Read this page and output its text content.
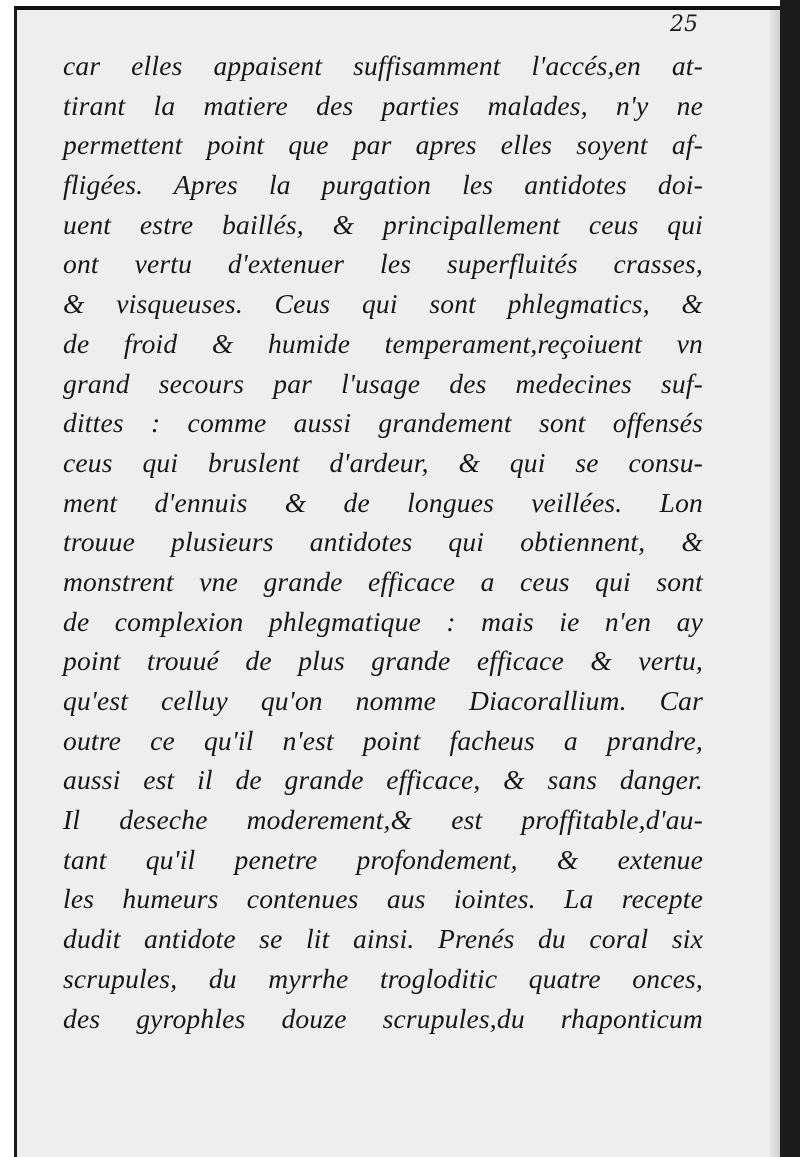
25
car elles appaisent suffisamment l'accés,en at-
tirant la matiere des parties malades, n'y ne
permettent point que par apres elles soyent af-
fligées. Apres la purgation les antidotes doi-
uent estre baillés, & principallement ceus qui
ont vertu d'extenuer les superfluités crasses,
& visqueuses. Ceus qui sont phlegmatics, &
de froid & humide temperament,reçoiuent vn
grand secours par l'usage des medecines suf-
dittes : comme aussi grandement sont offensés
ceus qui bruslent d'ardeur, & qui se consu-
ment d'ennuis & de longues veillées. Lon
trouue plusieurs antidotes qui obtiennent, &
monstrent vne grande efficace a ceus qui sont
de complexion phlegmatique : mais ie n'en ay
point trouué de plus grande efficace & vertu,
qu'est celluy qu'on nomme Diacorallium. Car
outre ce qu'il n'est point facheus a prandre,
aussi est il de grande efficace, & sans danger.
Il deseche moderement,& est proffitable,d'au-
tant qu'il penetre profondement, & extenue
les humeurs contenues aus iointes. La recepte
dudit antidote se lit ainsi. Prenés du coral six
scrupules, du myrrhe trogloditic quatre onces,
des gyrophles douze scrupules,du rhaponticum
